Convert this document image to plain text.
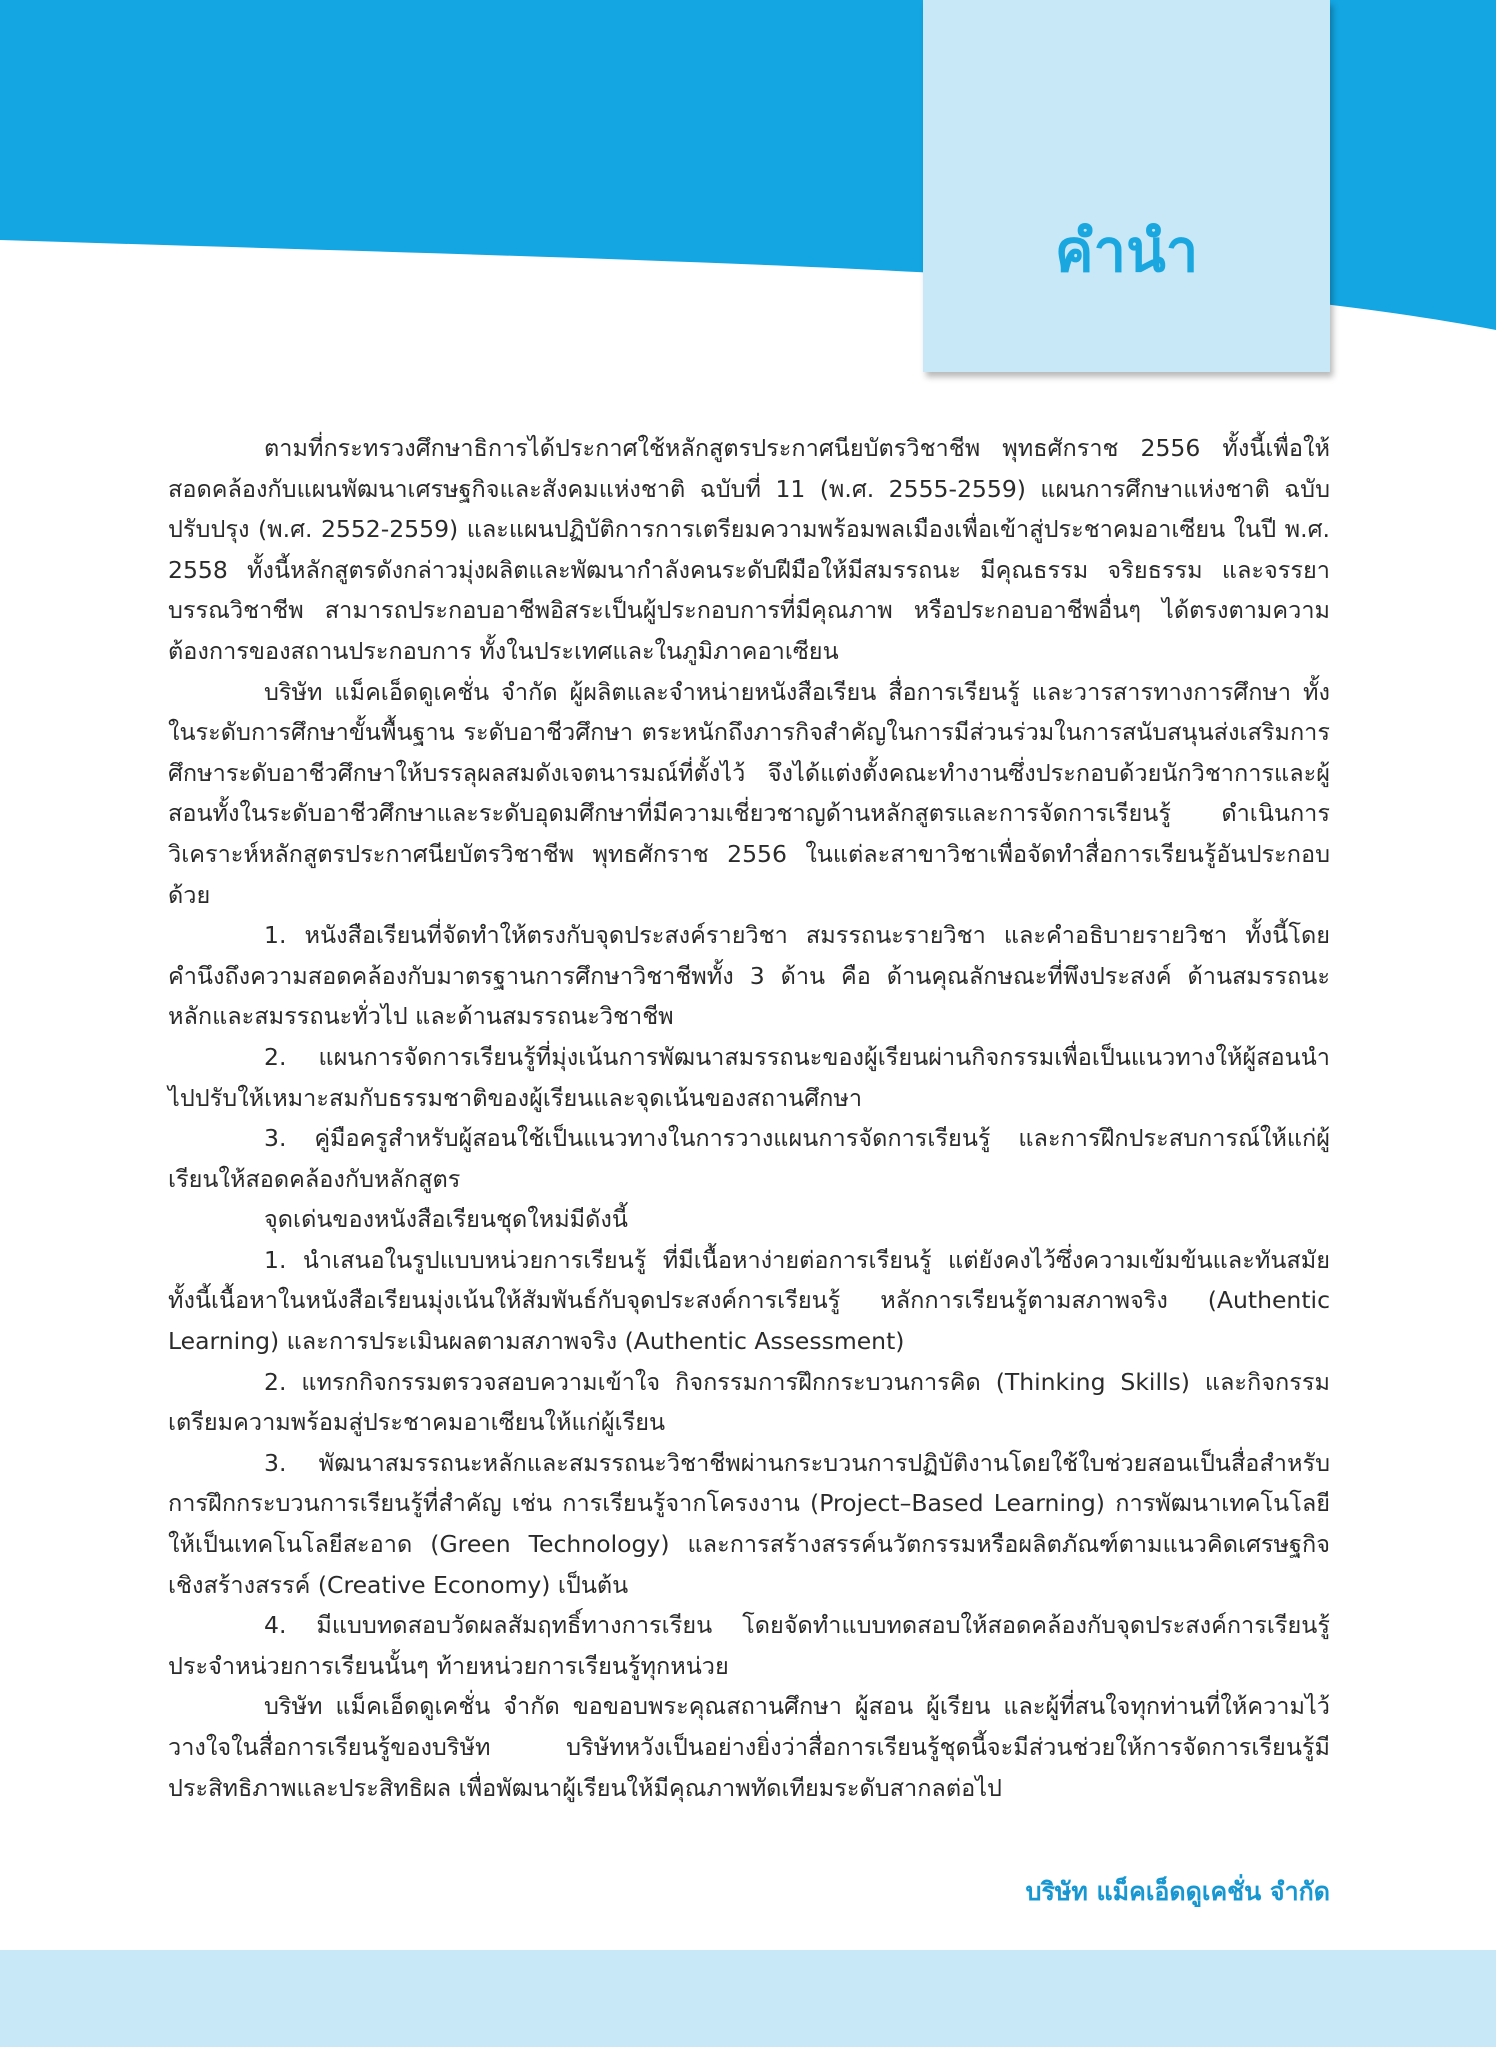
คำนำ

ตามที่กระทรวงศึกษาธิการได้ประกาศใช้หลักสูตรประกาศนียบัตรวิชาชีพ พุทธศักราช 2556 ทั้งนี้เพื่อให้สอดคล้องกับแผนพัฒนาเศรษฐกิจและสังคมแห่งชาติ ฉบับที่ 11 (พ.ศ. 2555-2559) แผนการศึกษาแห่งชาติ ฉบับปรับปรุง (พ.ศ. 2552-2559) และแผนปฏิบัติการการเตรียมความพร้อมพลเมืองเพื่อเข้าสู่ประชาคมอาเซียน ในปี พ.ศ. 2558 ทั้งนี้หลักสูตรดังกล่าวมุ่งผลิตและพัฒนากำลังคนระดับฝีมือให้มีสมรรถนะ มีคุณธรรม จริยธรรม และจรรยาบรรณวิชาชีพ สามารถประกอบอาชีพอิสระเป็นผู้ประกอบการที่มีคุณภาพ หรือประกอบอาชีพอื่นๆ ได้ตรงตามความต้องการของสถานประกอบการ ทั้งในประเทศและในภูมิภาคอาเซียน

บริษัท แม็คเอ็ดดูเคชั่น จำกัด ผู้ผลิตและจำหน่ายหนังสือเรียน สื่อการเรียนรู้ และวารสารทางการศึกษา ทั้งในระดับการศึกษาขั้นพื้นฐาน ระดับอาชีวศึกษา ตระหนักถึงภารกิจสำคัญในการมีส่วนร่วมในการสนับสนุนส่งเสริมการศึกษาระดับอาชีวศึกษาให้บรรลุผลสมดังเจตนารมณ์ที่ตั้งไว้ จึงได้แต่งตั้งคณะทำงานซึ่งประกอบด้วยนักวิชาการและผู้สอนทั้งในระดับอาชีวศึกษาและระดับอุดมศึกษาที่มีความเชี่ยวชาญด้านหลักสูตรและการจัดการเรียนรู้ ดำเนินการวิเคราะห์หลักสูตรประกาศนียบัตรวิชาชีพ พุทธศักราช 2556 ในแต่ละสาขาวิชาเพื่อจัดทำสื่อการเรียนรู้อันประกอบด้วย

1. หนังสือเรียนที่จัดทำให้ตรงกับจุดประสงค์รายวิชา สมรรถนะรายวิชา และคำอธิบายรายวิชา ทั้งนี้โดยคำนึงถึงความสอดคล้องกับมาตรฐานการศึกษาวิชาชีพทั้ง 3 ด้าน คือ ด้านคุณลักษณะที่พึงประสงค์ ด้านสมรรถนะหลักและสมรรถนะทั่วไป และด้านสมรรถนะวิชาชีพ

2. แผนการจัดการเรียนรู้ที่มุ่งเน้นการพัฒนาสมรรถนะของผู้เรียนผ่านกิจกรรมเพื่อเป็นแนวทางให้ผู้สอนนำไปปรับให้เหมาะสมกับธรรมชาติของผู้เรียนและจุดเน้นของสถานศึกษา

3. คู่มือครูสำหรับผู้สอนใช้เป็นแนวทางในการวางแผนการจัดการเรียนรู้ และการฝึกประสบการณ์ให้แก่ผู้เรียนให้สอดคล้องกับหลักสูตร

จุดเด่นของหนังสือเรียนชุดใหม่มีดังนี้

1. นำเสนอในรูปแบบหน่วยการเรียนรู้ ที่มีเนื้อหาง่ายต่อการเรียนรู้ แต่ยังคงไว้ซึ่งความเข้มข้นและทันสมัย ทั้งนี้เนื้อหาในหนังสือเรียนมุ่งเน้นให้สัมพันธ์กับจุดประสงค์การเรียนรู้ หลักการเรียนรู้ตามสภาพจริง (Authentic Learning) และการประเมินผลตามสภาพจริง (Authentic Assessment)

2. แทรกกิจกรรมตรวจสอบความเข้าใจ กิจกรรมการฝึกกระบวนการคิด (Thinking Skills) และกิจกรรมเตรียมความพร้อมสู่ประชาคมอาเซียนให้แก่ผู้เรียน

3. พัฒนาสมรรถนะหลักและสมรรถนะวิชาชีพผ่านกระบวนการปฏิบัติงานโดยใช้ใบช่วยสอนเป็นสื่อสำหรับการฝึกกระบวนการเรียนรู้ที่สำคัญ เช่น การเรียนรู้จากโครงงาน (Project–Based Learning) การพัฒนาเทคโนโลยีให้เป็นเทคโนโลยีสะอาด (Green Technology) และการสร้างสรรค์นวัตกรรมหรือผลิตภัณฑ์ตามแนวคิดเศรษฐกิจเชิงสร้างสรรค์ (Creative Economy) เป็นต้น

4. มีแบบทดสอบวัดผลสัมฤทธิ์ทางการเรียน โดยจัดทำแบบทดสอบให้สอดคล้องกับจุดประสงค์การเรียนรู้ประจำหน่วยการเรียนนั้นๆ ท้ายหน่วยการเรียนรู้ทุกหน่วย

บริษัท แม็คเอ็ดดูเคชั่น จำกัด ขอขอบพระคุณสถานศึกษา ผู้สอน ผู้เรียน และผู้ที่สนใจทุกท่านที่ให้ความไว้วางใจในสื่อการเรียนรู้ของบริษัท บริษัทหวังเป็นอย่างยิ่งว่าสื่อการเรียนรู้ชุดนี้จะมีส่วนช่วยให้การจัดการเรียนรู้มีประสิทธิภาพและประสิทธิผล เพื่อพัฒนาผู้เรียนให้มีคุณภาพทัดเทียมระดับสากลต่อไป

บริษัท แม็คเอ็ดดูเคชั่น จำกัด
